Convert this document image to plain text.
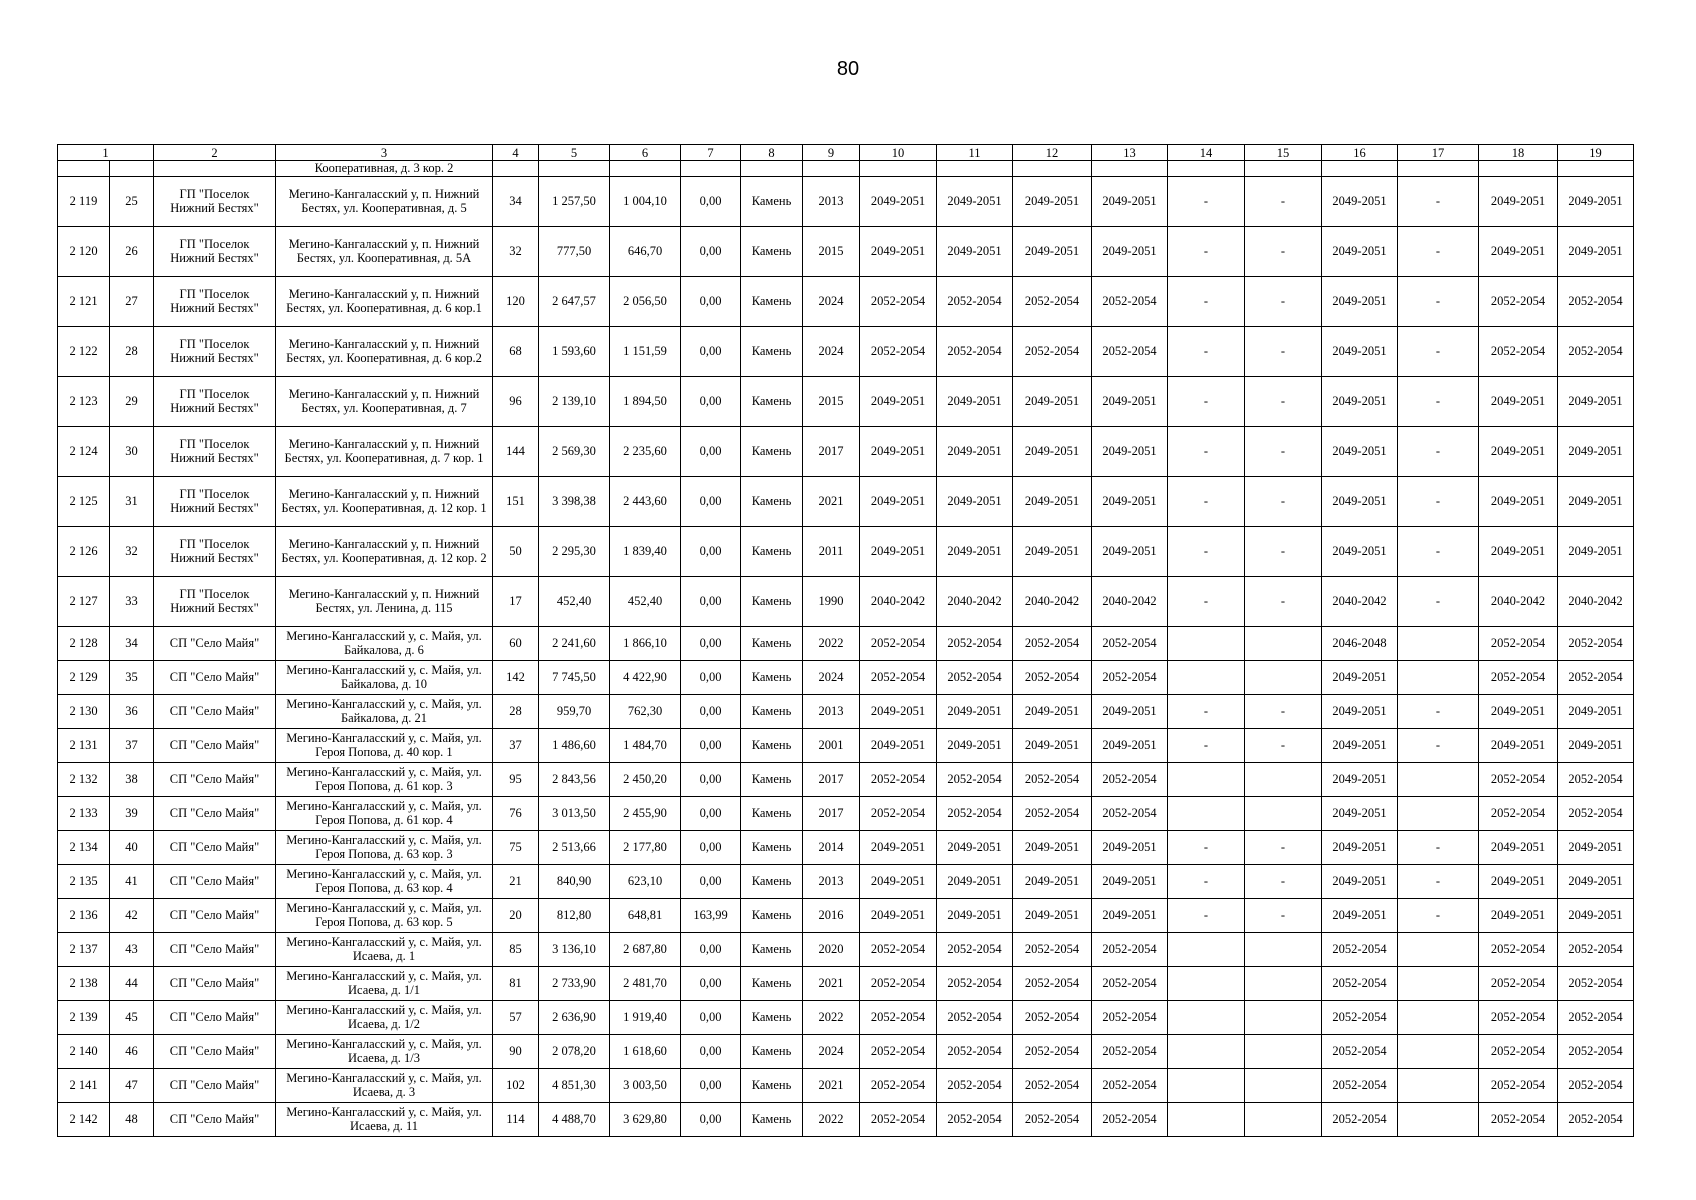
80
1		2	3	4	5	6	7	8	9	10	11	12	13	14	15	16	17	18	19
			Кооперативная, д. 3 кор. 2																
2 119	25	ГП "Поселок Нижний Бестях"	Мегино-Кангаласский у, п. Нижний Бестях, ул. Кооперативная, д. 5	34	1 257,50	1 004,10	0,00	Камень	2013	2049-2051	2049-2051	2049-2051	2049-2051	-	-	2049-2051	-	2049-2051	2049-2051
2 120	26	ГП "Поселок Нижний Бестях"	Мегино-Кангаласский у, п. Нижний Бестях, ул. Кооперативная, д. 5А	32	777,50	646,70	0,00	Камень	2015	2049-2051	2049-2051	2049-2051	2049-2051	-	-	2049-2051	-	2049-2051	2049-2051
2 121	27	ГП "Поселок Нижний Бестях"	Мегино-Кангаласский у, п. Нижний Бестях, ул. Кооперативная, д. 6 кор.1	120	2 647,57	2 056,50	0,00	Камень	2024	2052-2054	2052-2054	2052-2054	2052-2054	-	-	2049-2051	-	2052-2054	2052-2054
2 122	28	ГП "Поселок Нижний Бестях"	Мегино-Кангаласский у, п. Нижний Бестях, ул. Кооперативная, д. 6 кор.2	68	1 593,60	1 151,59	0,00	Камень	2024	2052-2054	2052-2054	2052-2054	2052-2054	-	-	2049-2051	-	2052-2054	2052-2054
2 123	29	ГП "Поселок Нижний Бестях"	Мегино-Кангаласский у, п. Нижний Бестях, ул. Кооперативная, д. 7	96	2 139,10	1 894,50	0,00	Камень	2015	2049-2051	2049-2051	2049-2051	2049-2051	-	-	2049-2051	-	2049-2051	2049-2051
2 124	30	ГП "Поселок Нижний Бестях"	Мегино-Кангаласский у, п. Нижний Бестях, ул. Кооперативная, д. 7 кор. 1	144	2 569,30	2 235,60	0,00	Камень	2017	2049-2051	2049-2051	2049-2051	2049-2051	-	-	2049-2051	-	2049-2051	2049-2051
2 125	31	ГП "Поселок Нижний Бестях"	Мегино-Кангаласский у, п. Нижний Бестях, ул. Кооперативная, д. 12 кор. 1	151	3 398,38	2 443,60	0,00	Камень	2021	2049-2051	2049-2051	2049-2051	2049-2051	-	-	2049-2051	-	2049-2051	2049-2051
2 126	32	ГП "Поселок Нижний Бестях"	Мегино-Кангаласский у, п. Нижний Бестях, ул. Кооперативная, д. 12 кор. 2	50	2 295,30	1 839,40	0,00	Камень	2011	2049-2051	2049-2051	2049-2051	2049-2051	-	-	2049-2051	-	2049-2051	2049-2051
2 127	33	ГП "Поселок Нижний Бестях"	Мегино-Кангаласский у, п. Нижний Бестях, ул. Ленина, д. 115	17	452,40	452,40	0,00	Камень	1990	2040-2042	2040-2042	2040-2042	2040-2042	-	-	2040-2042	-	2040-2042	2040-2042
2 128	34	СП "Село Майя"	Мегино-Кангаласский у, с. Майя, ул. Байкалова, д. 6	60	2 241,60	1 866,10	0,00	Камень	2022	2052-2054	2052-2054	2052-2054	2052-2054			2046-2048		2052-2054	2052-2054
2 129	35	СП "Село Майя"	Мегино-Кангаласский у, с. Майя, ул. Байкалова, д. 10	142	7 745,50	4 422,90	0,00	Камень	2024	2052-2054	2052-2054	2052-2054	2052-2054			2049-2051		2052-2054	2052-2054
2 130	36	СП "Село Майя"	Мегино-Кангаласский у, с. Майя, ул. Байкалова, д. 21	28	959,70	762,30	0,00	Камень	2013	2049-2051	2049-2051	2049-2051	2049-2051	-	-	2049-2051	-	2049-2051	2049-2051
2 131	37	СП "Село Майя"	Мегино-Кангаласский у, с. Майя, ул. Героя Попова, д. 40 кор. 1	37	1 486,60	1 484,70	0,00	Камень	2001	2049-2051	2049-2051	2049-2051	2049-2051	-	-	2049-2051	-	2049-2051	2049-2051
2 132	38	СП "Село Майя"	Мегино-Кангаласский у, с. Майя, ул. Героя Попова, д. 61 кор. 3	95	2 843,56	2 450,20	0,00	Камень	2017	2052-2054	2052-2054	2052-2054	2052-2054			2049-2051		2052-2054	2052-2054
2 133	39	СП "Село Майя"	Мегино-Кангаласский у, с. Майя, ул. Героя Попова, д. 61 кор. 4	76	3 013,50	2 455,90	0,00	Камень	2017	2052-2054	2052-2054	2052-2054	2052-2054			2049-2051		2052-2054	2052-2054
2 134	40	СП "Село Майя"	Мегино-Кангаласский у, с. Майя, ул. Героя Попова, д. 63 кор. 3	75	2 513,66	2 177,80	0,00	Камень	2014	2049-2051	2049-2051	2049-2051	2049-2051	-	-	2049-2051	-	2049-2051	2049-2051
2 135	41	СП "Село Майя"	Мегино-Кангаласский у, с. Майя, ул. Героя Попова, д. 63 кор. 4	21	840,90	623,10	0,00	Камень	2013	2049-2051	2049-2051	2049-2051	2049-2051	-	-	2049-2051	-	2049-2051	2049-2051
2 136	42	СП "Село Майя"	Мегино-Кангаласский у, с. Майя, ул. Героя Попова, д. 63 кор. 5	20	812,80	648,81	163,99	Камень	2016	2049-2051	2049-2051	2049-2051	2049-2051	-	-	2049-2051	-	2049-2051	2049-2051
2 137	43	СП "Село Майя"	Мегино-Кангаласский у, с. Майя, ул. Исаева, д. 1	85	3 136,10	2 687,80	0,00	Камень	2020	2052-2054	2052-2054	2052-2054	2052-2054			2052-2054		2052-2054	2052-2054
2 138	44	СП "Село Майя"	Мегино-Кангаласский у, с. Майя, ул. Исаева, д. 1/1	81	2 733,90	2 481,70	0,00	Камень	2021	2052-2054	2052-2054	2052-2054	2052-2054			2052-2054		2052-2054	2052-2054
2 139	45	СП "Село Майя"	Мегино-Кангаласский у, с. Майя, ул. Исаева, д. 1/2	57	2 636,90	1 919,40	0,00	Камень	2022	2052-2054	2052-2054	2052-2054	2052-2054			2052-2054		2052-2054	2052-2054
2 140	46	СП "Село Майя"	Мегино-Кангаласский у, с. Майя, ул. Исаева, д. 1/3	90	2 078,20	1 618,60	0,00	Камень	2024	2052-2054	2052-2054	2052-2054	2052-2054			2052-2054		2052-2054	2052-2054
2 141	47	СП "Село Майя"	Мегино-Кангаласский у, с. Майя, ул. Исаева, д. 3	102	4 851,30	3 003,50	0,00	Камень	2021	2052-2054	2052-2054	2052-2054	2052-2054			2052-2054		2052-2054	2052-2054
2 142	48	СП "Село Майя"	Мегино-Кангаласский у, с. Майя, ул. Исаева, д. 11	114	4 488,70	3 629,80	0,00	Камень	2022	2052-2054	2052-2054	2052-2054	2052-2054			2052-2054		2052-2054	2052-2054
